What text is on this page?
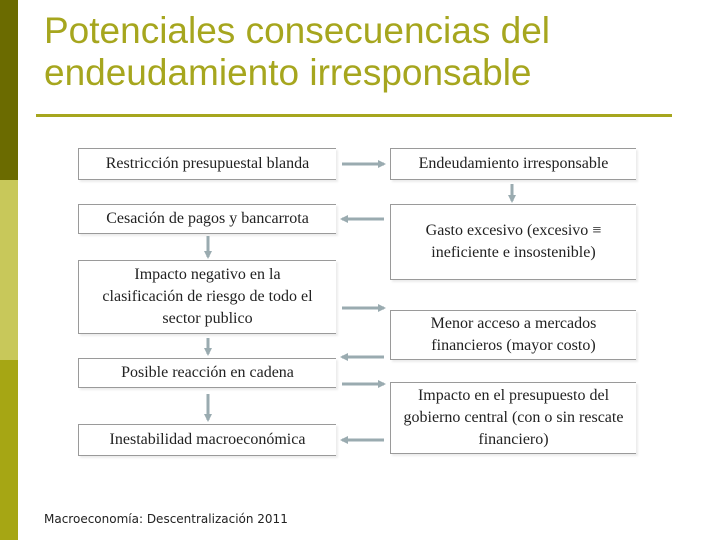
Potenciales consecuencias del
endeudamiento irresponsable
Restricción presupuestal blanda
Cesación de pagos y bancarrota
Impacto negativo en la clasificación de riesgo de todo el sector publico
Posible reacción en cadena
Inestabilidad macroeconómica
Endeudamiento irresponsable
Gasto excesivo (excesivo ≡ ineficiente e insostenible)
Menor acceso a mercados financieros (mayor costo)
Impacto en el presupuesto del gobierno central (con o sin rescate financiero)
Macroeconomía: Descentralización 2011
